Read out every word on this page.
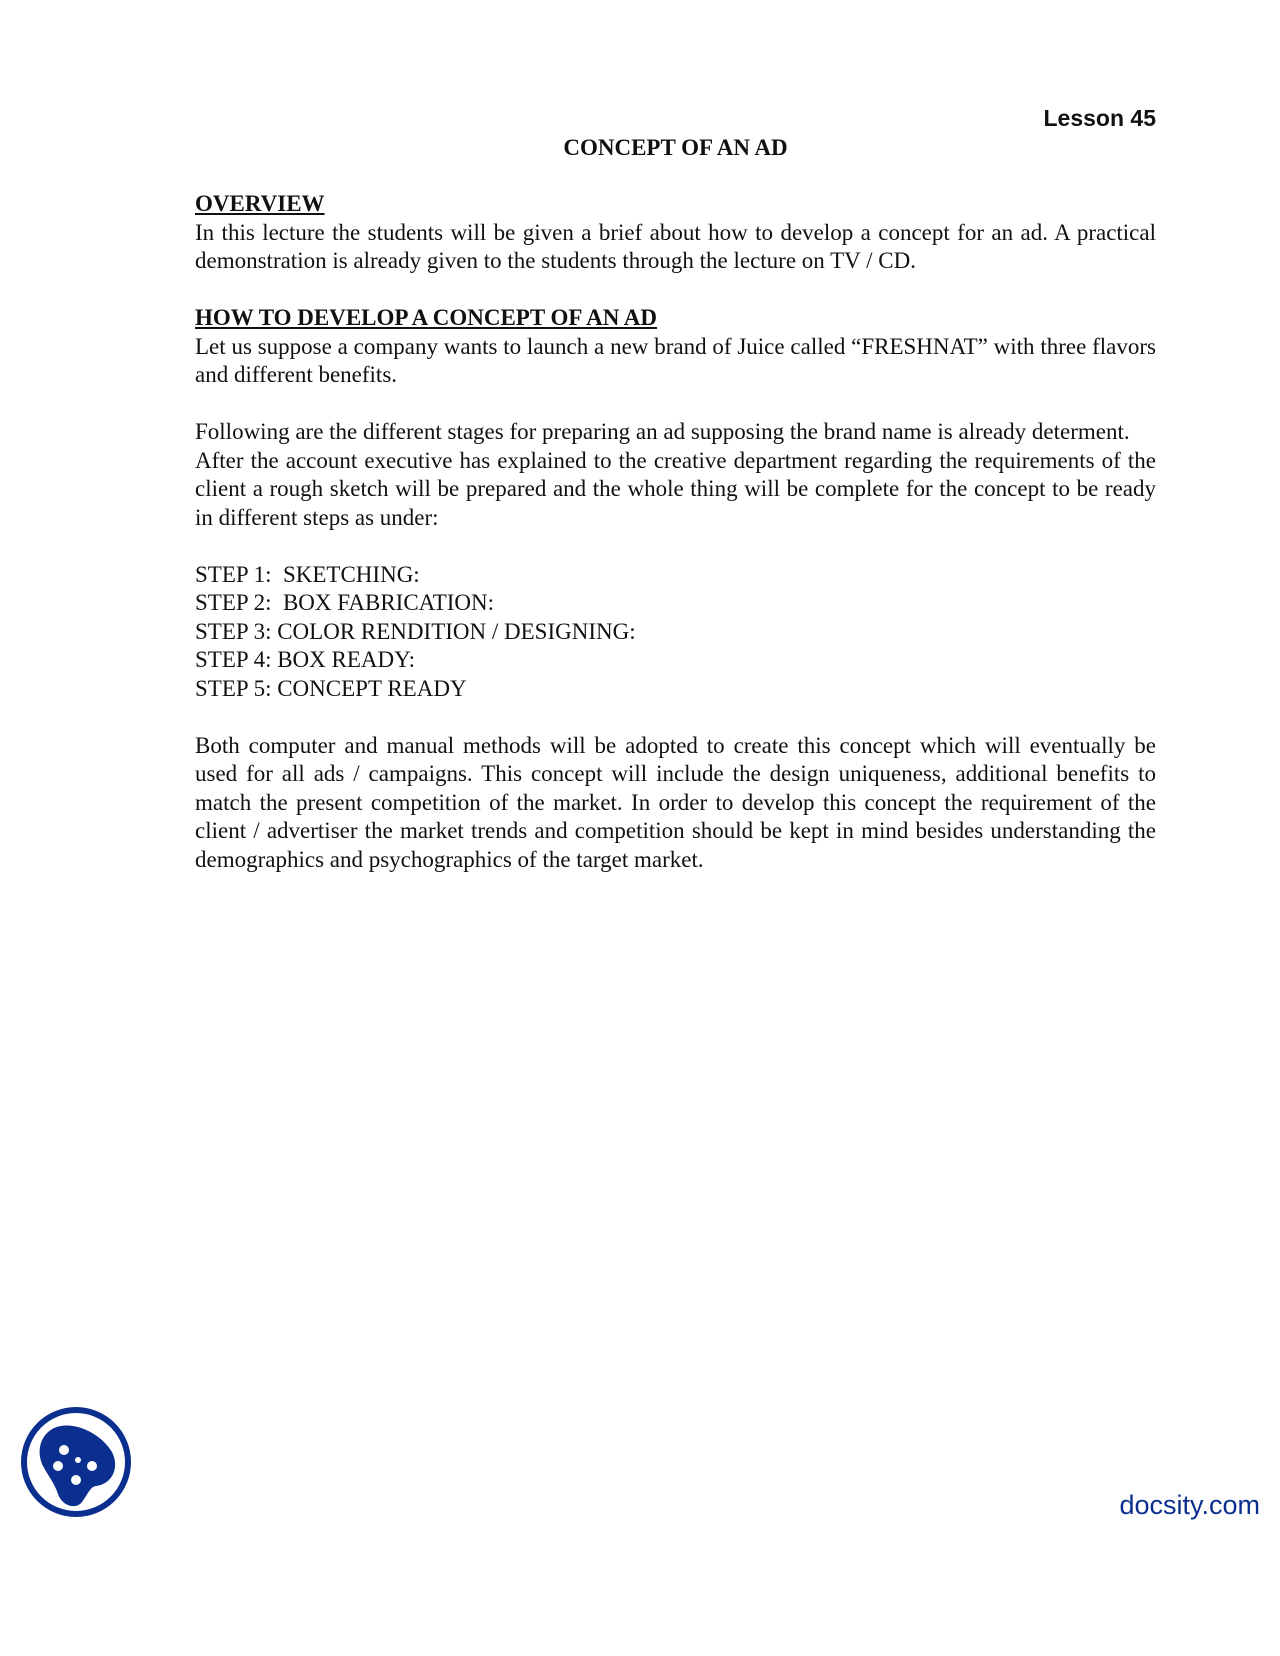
Lesson 45
CONCEPT OF AN AD
OVERVIEW

In this lecture the students will be given a brief about how to develop a concept for an ad. A practical demonstration is already given to the students through the lecture on TV / CD.

HOW TO DEVELOP A CONCEPT OF AN AD

Let us suppose a company wants to launch a new brand of Juice called “FRESHNAT” with three flavors and different benefits.

Following are the different stages for preparing an ad supposing the brand name is already determent.

After the account executive has explained to the creative department regarding the requirements of the client a rough sketch will be prepared and the whole thing will be complete for the concept to be ready in different steps as under:

STEP 1:  SKETCHING:
STEP 2:  BOX FABRICATION:
STEP 3: COLOR RENDITION / DESIGNING:
STEP 4: BOX READY:
STEP 5: CONCEPT READY

Both computer and manual methods will be adopted to create this concept which will eventually be used for all ads / campaigns. This concept will include the design uniqueness, additional benefits to match the present competition of the market. In order to develop this concept the requirement of the client / advertiser the market trends and competition should be kept in mind besides understanding the demographics and psychographics of the target market.

docsity.com
